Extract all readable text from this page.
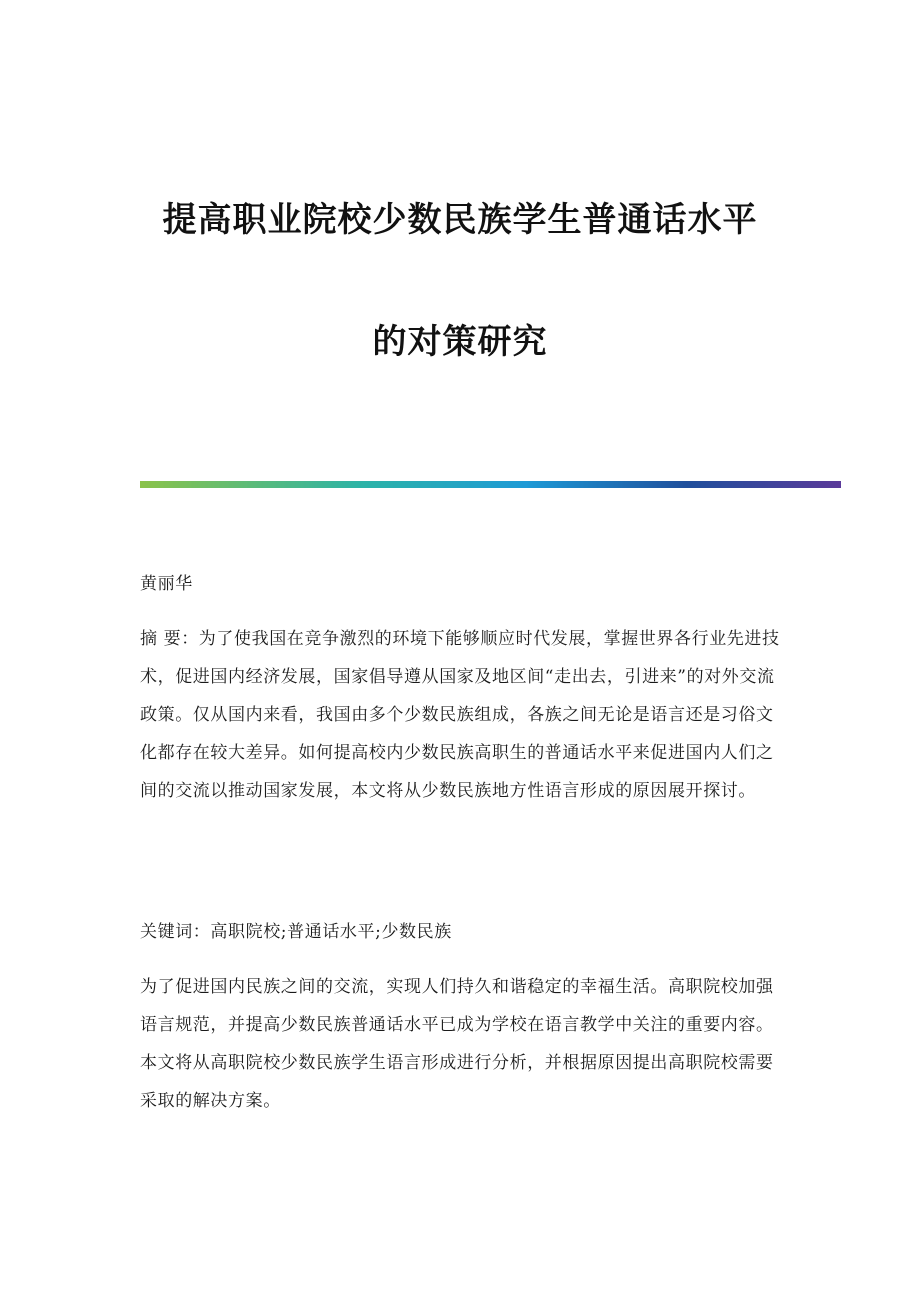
提高职业院校少数民族学生普通话水平
的对策研究

黄丽华

摘 要：为了使我国在竞争激烈的环境下能够顺应时代发展，掌握世界各行业先进技术，促进国内经济发展，国家倡导遵从国家及地区间“走出去，引进来”的对外交流政策。仅从国内来看，我国由多个少数民族组成，各族之间无论是语言还是习俗文化都存在较大差异。如何提高校内少数民族高职生的普通话水平来促进国内人们之间的交流以推动国家发展，本文将从少数民族地方性语言形成的原因展开探讨。

关键词：高职院校;普通话水平;少数民族

为了促进国内民族之间的交流，实现人们持久和谐稳定的幸福生活。高职院校加强语言规范，并提高少数民族普通话水平已成为学校在语言教学中关注的重要内容。本文将从高职院校少数民族学生语言形成进行分析，并根据原因提出高职院校需要采取的解决方案。
